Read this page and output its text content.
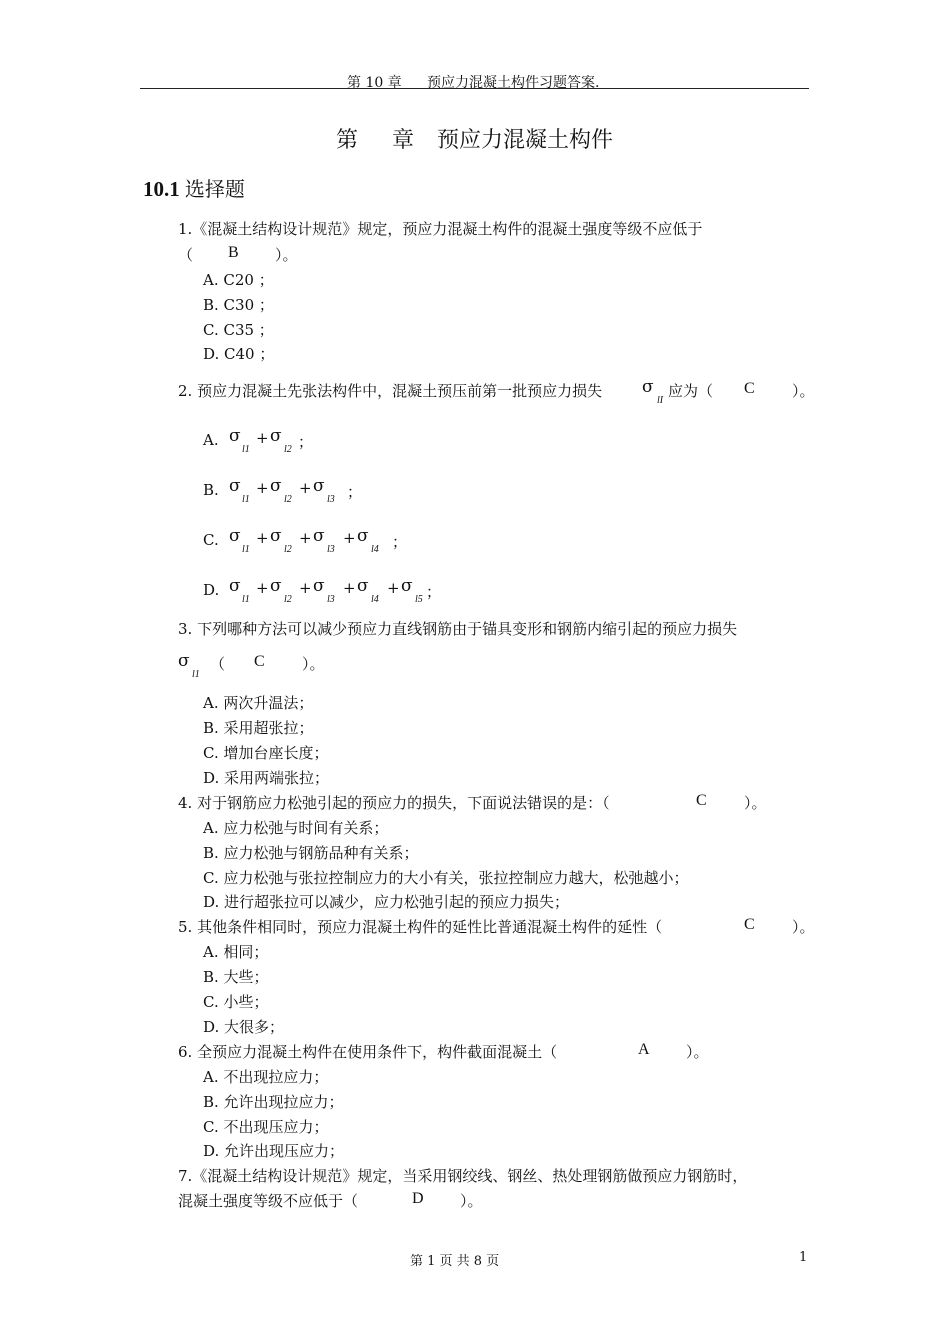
第 10 章 预应力混凝土构件习题答案.
第 章 预应力混凝土构件
10.1 选择题
1.《混凝土结构设计规范》规定，预应力混凝土构件的混凝土强度等级不应低于
（ B ）。
A. C20 ；
B. C30 ；
C. C35 ；
D. C40 ；
2. 预应力混凝土先张法构件中，混凝土预压前第一批预应力损失 σ
lI
应为（ C ）。
A. σ
l1
+ σ
l2 ；
B. σ
l1
+ σ
l2
+ σ
l3 ；
C. σ
l1
+ σ
l2
+ σ
l3
+ σ
l4 ；
D. σ
l1
+ σ
l2
+ σ
l3
+ σ
l4
+ σ
l5 ；
3. 下列哪种方法可以减少预应力直线钢筋由于锚具变形和钢筋内缩引起的预应力损失
σ
l1
（ C ）。
A. 两次升温法；
B. 采用超张拉；
C. 增加台座长度；
D. 采用两端张拉；
4. 对于钢筋应力松弛引起的预应力的损失，下面说法错误的是：（	C ）。
A. 应力松弛与时间有关系；
B. 应力松弛与钢筋品种有关系；
C. 应力松弛与张拉控制应力的大小有关，张拉控制应力越大，松弛越小；
D. 进行超张拉可以减少，应力松弛引起的预应力损失；
5. 其他条件相同时，预应力混凝土构件的延性比普通混凝土构件的延性（	C ）。
A. 相同；
B. 大些；
C. 小些；
D. 大很多；
6. 全预应力混凝土构件在使用条件下，构件截面混凝土（	A ）。
A. 不出现拉应力；
B. 允许出现拉应力；
C. 不出现压应力；
D. 允许出现压应力；
7.《混凝土结构设计规范》规定，当采用钢绞线、钢丝、热处理钢筋做预应力钢筋时，
混凝土强度等级不应低于（	D ）。
第 1 页 共 8 页	1
